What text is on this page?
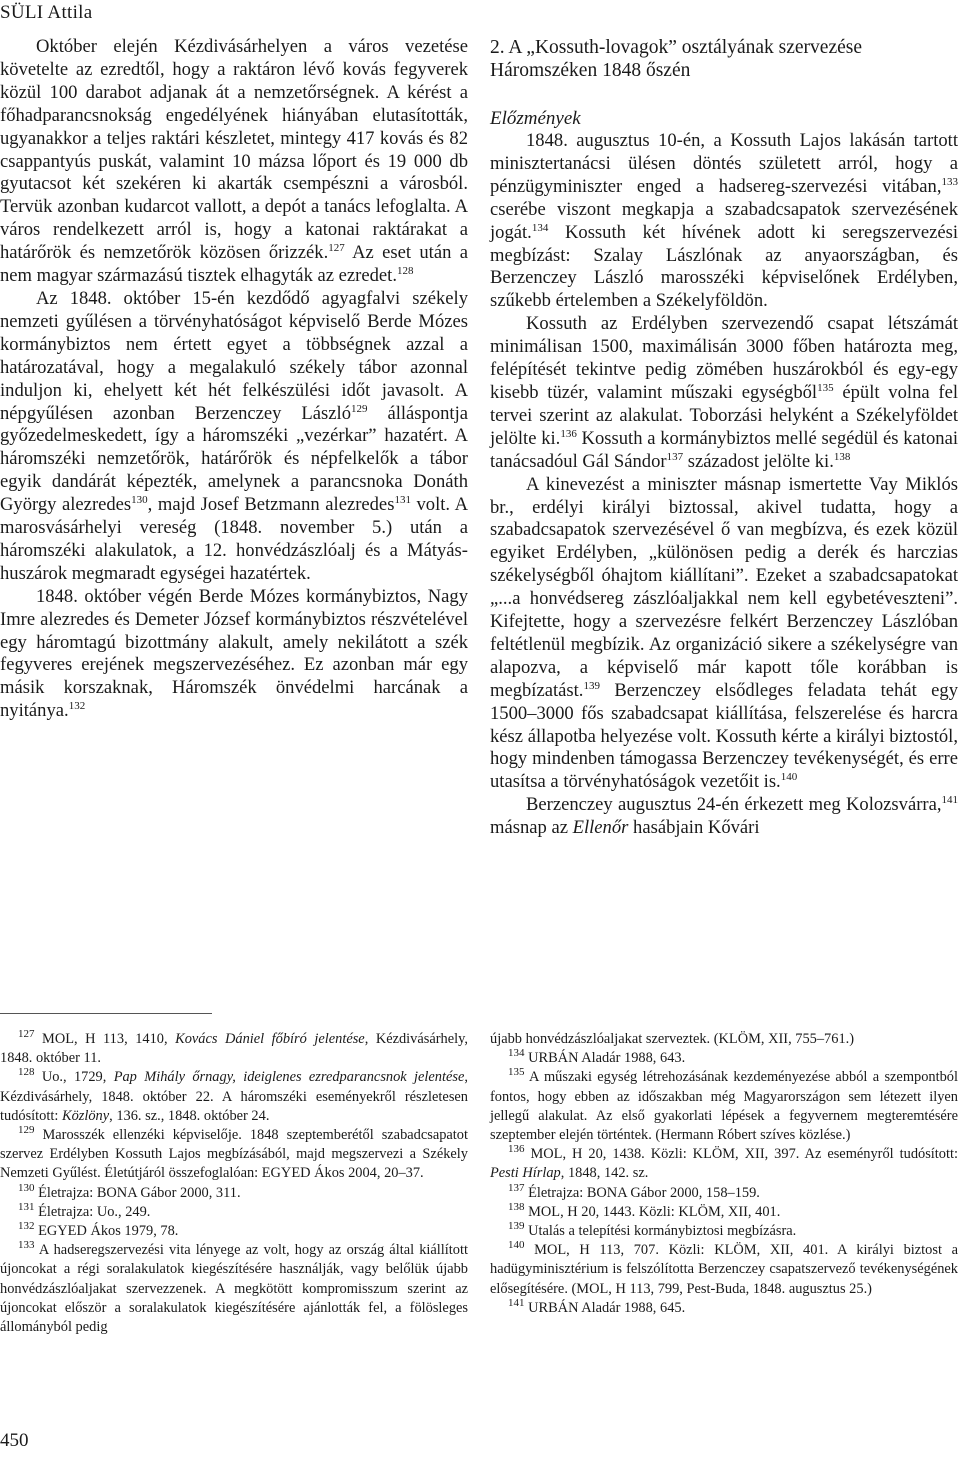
SÜLI Attila

Október elején Kézdivásárhelyen a város vezetése követelte az ezredtől, hogy a raktáron lévő kovás fegyverek közül 100 darabot adjanak át a nemzetőrségnek. A kérést a főhadparancsnokság engedélyének hiányában elutasították, ugyanakkor a teljes raktári készletet, mintegy 417 kovás és 82 csappantyús puskát, valamint 10 mázsa lőport és 19 000 db gyutacsot két szekéren ki akarták csempészni a városból. Tervük azonban kudarcot vallott, a depót a tanács lefoglalta. A város rendelkezett arról is, hogy a katonai raktárakat a határőrök és nemzetőrök közösen őrizzék.$^{127}$ Az eset után a nem magyar származású tisztek elhagyták az ezredet.$^{128}$

Az 1848. október 15-én kezdődő agyagfalvi székely nemzeti gyűlésen a törvényhatóságot képviselő Berde Mózes kormánybiztos nem értett egyet a többségnek azzal a határozatával, hogy a megalakuló székely tábor azonnal induljon ki, ehelyett két hét felkészülési időt javasolt. A népgyűlésen azonban Berzenczey László$^{129}$ álláspontja győzedelmeskedett, így a háromszéki „vezérkar” hazatért. A háromszéki nemzetőrök, határőrök és népfelkelők a tábor egyik dandárát képezték, amelynek a parancsnoka Donáth György alezredes$^{130}$, majd Josef Betzmann alezredes$^{131}$ volt. A marosvásárhelyi vereség (1848. november 5.) után a háromszéki alakulatok, a 12. honvédzászlóalj és a Mátyás-huszárok megmaradt egységei hazatértek.

1848. október végén Berde Mózes kormánybiztos, Nagy Imre alezredes és Demeter József kormánybiztos részvételével egy háromtagú bizottmány alakult, amely nekilátott a szék fegyveres erejének megszervezéséhez. Ez azonban már egy másik korszaknak, Háromszék önvédelmi harcának a nyitánya.$^{132}$

2. A „Kossuth-lovagok” osztályának szervezése Háromszéken 1848 őszén
Előzmények

1848. augusztus 10-én, a Kossuth Lajos lakásán tartott minisztertanácsi ülésen döntés született arról, hogy a pénzügyminiszter enged a hadsereg-szervezési vitában,$^{133}$ cserébe viszont megkapja a szabadcsapatok szervezésének jogát.$^{134}$ Kossuth két hívének adott ki seregszervezési megbízást: Szalay Lászlónak az anyaországban, és Berzenczey László marosszéki képviselőnek Erdélyben, szűkebb értelemben a Székelyföldön.

Kossuth az Erdélyben szervezendő csapat létszámát minimálisan 1500, maximálisán 3000 főben határozta meg, felépítését tekintve pedig zömében huszárokból és egy-egy kisebb tüzér, valamint műszaki egységből$^{135}$ épült volna fel tervei szerint az alakulat. Toborzási helyként a Székelyföldet jelölte ki.$^{136}$ Kossuth a kormánybiztos mellé segédül és katonai tanácsadóul Gál Sándor$^{137}$ századost jelölte ki.$^{138}$

A kinevezést a miniszter másnap ismertette Vay Miklós br., erdélyi királyi biztossal, akivel tudatta, hogy a szabadcsapatok szervezésével ő van megbízva, és ezek közül egyiket Erdélyben, „különösen pedig a derék és harczias székelységből óhajtom kiállítani”. Ezeket a szabadcsapatokat „...a honvédsereg zászlóaljakkal nem kell egybetéveszteni”. Kifejtette, hogy a szervezésre felkért Berzenczey Lászlóban feltétlenül megbízik. Az organizáció sikere a székelységre van alapozva, a képviselő már kapott tőle korábban is megbízatást.$^{139}$ Berzenczey elsődleges feladata tehát egy 1500–3000 fős szabadcsapat kiállítása, felszerelése és harcra kész állapotba helyezése volt. Kossuth kérte a királyi biztostól, hogy mindenben támogassa Berzenczey tevékenységét, és erre utasítsa a törvényhatóságok vezetőit is.$^{140}$

Berzenczey augusztus 24-én érkezett meg Kolozsvárra,$^{141}$ másnap az Ellenőr hasábjain Kővári

$^{127}$ MOL, H 113, 1410, Kovács Dániel főbíró jelentése, Kézdivásárhely, 1848. október 11.

$^{128}$ Uo., 1729, Pap Mihály őrnagy, ideiglenes ezredparancsnok jelentése, Kézdivásárhely, 1848. október 22. A háromszéki eseményekről részletesen tudósított: Közlöny, 136. sz., 1848. október 24.

$^{129}$ Marosszék ellenzéki képviselője. 1848 szeptemberétől szabadcsapatot szervez Erdélyben Kossuth Lajos megbízásából, majd megszervezi a Székely Nemzeti Gyűlést. Életútjáról összefoglalóan: EGYED Ákos 2004, 20–37.

$^{130}$ Életrajza: BONA Gábor 2000, 311.

$^{131}$ Életrajza: Uo., 249.

$^{132}$ EGYED Ákos 1979, 78.

$^{133}$ A hadseregszervezési vita lényege az volt, hogy az ország által kiállított újoncokat a régi soralakulatok kiegészítésére használják, vagy belőlük újabb honvédzászlóaljakat szervezzenek. A megkötött kompromisszum szerint az újoncokat először a soralakulatok kiegészítésére ajánlották fel, a fölösleges állományból pedig

újabb honvédzászlóaljakat szerveztek. (KLÖM, XII, 755–761.)

$^{134}$ URBÁN Aladár 1988, 643.

$^{135}$ A műszaki egység létrehozásának kezdeményezése abból a szempontból fontos, hogy ebben az időszakban még Magyarországon sem létezett ilyen jellegű alakulat. Az első gyakorlati lépések a fegyvernem megteremtésére szeptember elején történtek. (Hermann Róbert szíves közlése.)

$^{136}$ MOL, H 20, 1438. Közli: KLÖM, XII, 397. Az eseményről tudósított: Pesti Hírlap, 1848, 142. sz.

$^{137}$ Életrajza: BONA Gábor 2000, 158–159.

$^{138}$ MOL, H 20, 1443. Közli: KLÖM, XII, 401.

$^{139}$ Utalás a telepítési kormánybiztosi megbízásra.

$^{140}$ MOL, H 113, 707. Közli: KLÖM, XII, 401. A királyi biztost a hadügyminisztérium is felszólította Berzenczey csapatszervező tevékenységének elősegítésére. (MOL, H 113, 799, Pest-Buda, 1848. augusztus 25.)

$^{141}$ URBÁN Aladár 1988, 645.

450
